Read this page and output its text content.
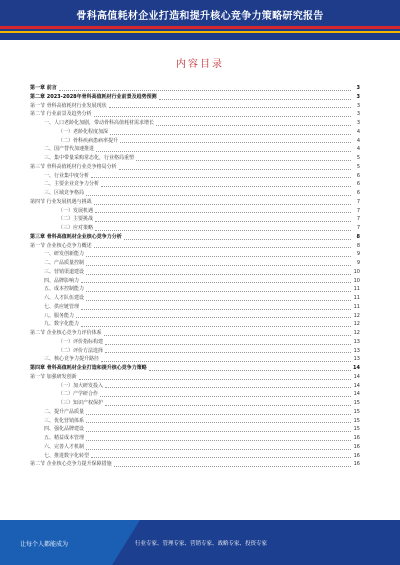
骨科高值耗材企业打造和提升核心竞争力策略研究报告
内容目录
第一章 前言	3
第二章 2023-2028年骨科高值耗材行业前景及趋势预测	3
第一节 骨科高值耗材行业发展现状	3
第二节 行业前景及趋势分析	3
一、人口老龄化加剧，带动骨科高值耗材需求增长	3
（一）老龄化程度加深	4
（二）骨科疾病患病率提升	4
二、国产替代加速推进	4
三、集中带量采购常态化，行业格局重塑	5
第三节 骨科高值耗材行业竞争格局分析	5
一、行业集中度分析	6
二、主要企业竞争力分析	6
三、区域竞争格局	6
第四节 行业发展机遇与挑战	7
（一）发展机遇	7
（二）主要挑战	7
（三）应对策略	7
第三章 骨科高值耗材企业核心竞争力分析	8
第一节 企业核心竞争力概述	8
一、研发创新能力	9
二、产品质量控制	9
三、营销渠道建设	10
四、品牌影响力	10
五、成本控制能力	11
六、人才队伍建设	11
七、供应链管理	11
八、服务能力	12
九、数字化能力	12
第二节 企业核心竞争力评价体系	12
（一）评价指标构建	13
（二）评价方法选择	13
三、核心竞争力提升路径	13
第四章 骨科高值耗材企业打造和提升核心竞争力策略	14
第一节 加强研发创新	14
（一）加大研发投入	14
（二）产学研合作	14
（三）知识产权保护	15
二、提升产品质量	15
三、优化营销体系	15
四、强化品牌建设	15
五、精益成本管理	16
六、完善人才机制	16
七、推进数字化转型	16
第二节 企业核心竞争力提升保障措施	16
让每个人都能成为	行业专家、管理专家、营销专家、战略专家、投资专家
